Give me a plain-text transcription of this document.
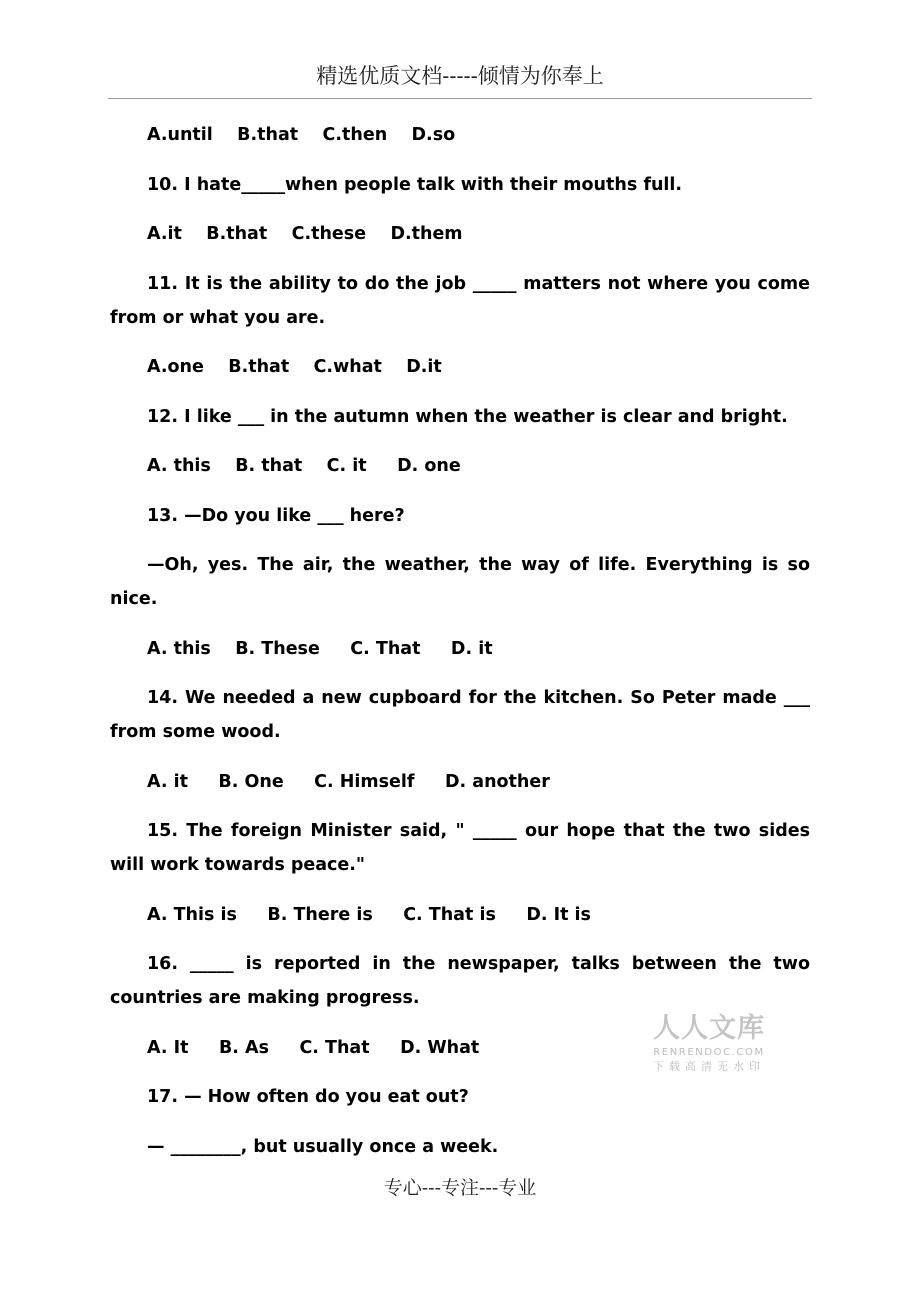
精选优质文档-----倾情为你奉上
A.until    B.that    C.then    D.so
10. I hate_____when people talk with their mouths full.
A.it    B.that    C.these    D.them
11. It is the ability to do the job _____ matters not where you come from or what you are.
A.one    B.that    C.what    D.it
12. I like ___ in the autumn when the weather is clear and bright.
A. this    B. that    C. it     D. one
13. —Do you like ___ here?
—Oh, yes. The air, the weather, the way of life. Everything is so nice.
A. this    B. These     C. That     D. it
14. We needed a new cupboard for the kitchen. So Peter made ___ from some wood.
A. it     B. One     C. Himself     D. another
15. The foreign Minister said, " _____ our hope that the two sides will work towards peace."
A. This is     B. There is     C. That is     D. It is
16. _____ is reported in the newspaper, talks between the two countries are making progress.
A. It     B. As     C. That     D. What
17. — How often do you eat out?
— ________, but usually once a week.
人人文库
RENRENDOC.COM
下载高清无水印
专心---专注---专业
